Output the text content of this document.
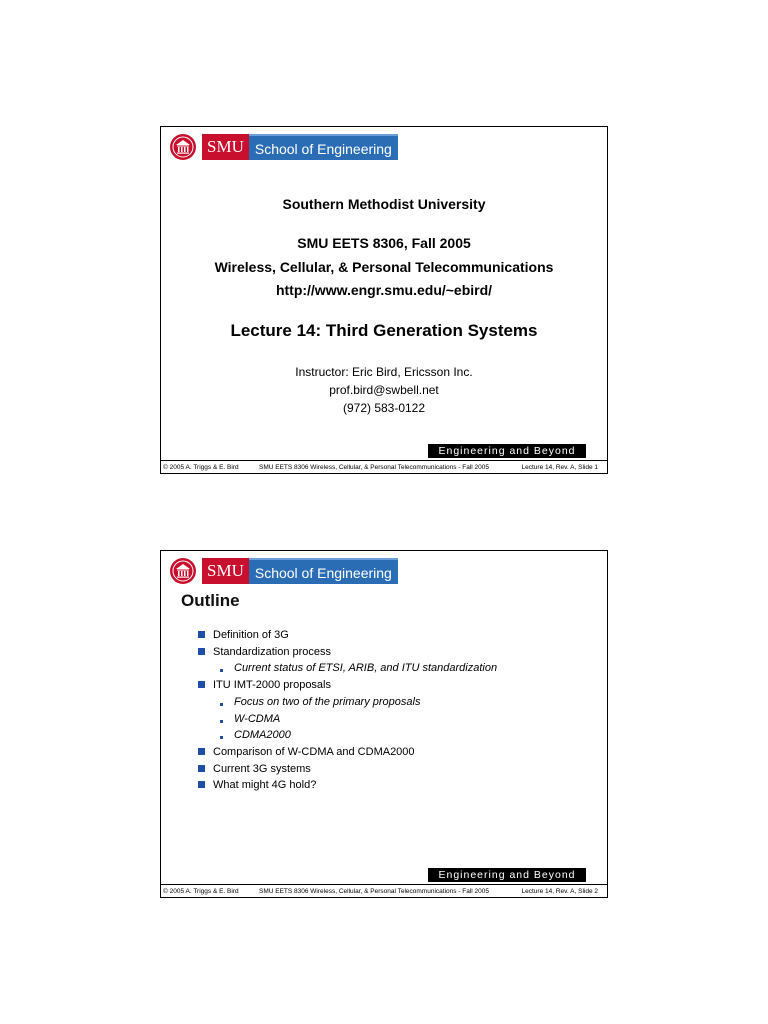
SMU School of Engineering
Southern Methodist University
SMU EETS 8306, Fall 2005
Wireless, Cellular, & Personal Telecommunications
http://www.engr.smu.edu/~ebird/
Lecture 14: Third Generation Systems
Instructor: Eric Bird, Ericsson Inc.
prof.bird@swbell.net
(972) 583-0122
Engineering and Beyond
© 2005 A. Triggs & E. Bird	SMU EETS 8306 Wireless, Cellular, & Personal Telecommunications - Fall 2005	Lecture 14, Rev. A, Slide 1
SMU School of Engineering
Outline
Definition of 3G
Standardization process
Current status of ETSI, ARIB, and ITU standardization
ITU IMT-2000 proposals
Focus on two of the primary proposals
W-CDMA
CDMA2000
Comparison of W-CDMA and CDMA2000
Current 3G systems
What might 4G hold?
Engineering and Beyond
© 2005 A. Triggs & E. Bird	SMU EETS 8306 Wireless, Cellular, & Personal Telecommunications - Fall 2005	Lecture 14, Rev. A, Slide 2
